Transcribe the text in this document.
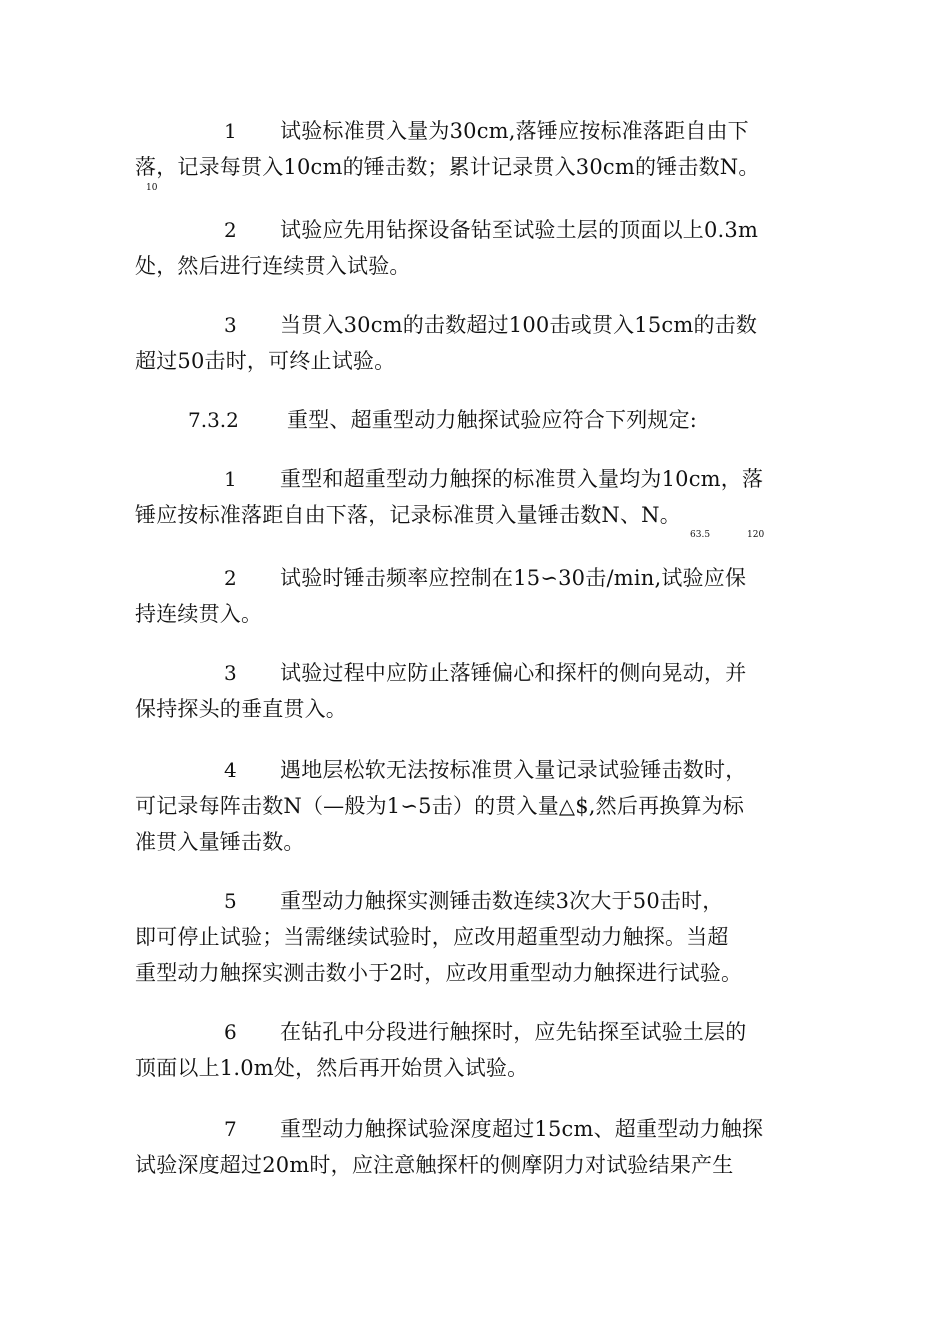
1 试验标准贯入量为30cm,落锤应按标准落距自由下
落，记录每贯入10cm的锤击数；累计记录贯入30cm的锤击数N。
10
2 试验应先用钻探设备钻至试验土层的顶面以上0.3m
处，然后进行连续贯入试验。
3 当贯入30cm的击数超过100击或贯入15cm的击数
超过50击时，可终止试验。
7.3.2 重型、超重型动力触探试验应符合下列规定:
1 重型和超重型动力触探的标准贯入量均为10cm，落
锤应按标准落距自由下落，记录标准贯入量锤击数N、N。
63.5	120
2 试验时锤击频率应控制在15∽30击/min,试验应保
持连续贯入。
3 试验过程中应防止落锤偏心和探杆的侧向晃动，并
保持探头的垂直贯入。
4 遇地层松软无法按标准贯入量记录试验锤击数时，
可记录每阵击数N（—般为1∽5击）的贯入量△$,然后再换算为标
准贯入量锤击数。
5 重型动力触探实测锤击数连续3次大于50击时，
即可停止试验；当需继续试验时，应改用超重型动力触探。当超
重型动力触探实测击数小于2时，应改用重型动力触探进行试验。
6 在钻孔中分段进行触探时，应先钻探至试验土层的
顶面以上1.0m处，然后再开始贯入试验。
7 重型动力触探试验深度超过15cm、超重型动力触探
试验深度超过20m时，应注意触探杆的侧摩阴力对试验结果产生
